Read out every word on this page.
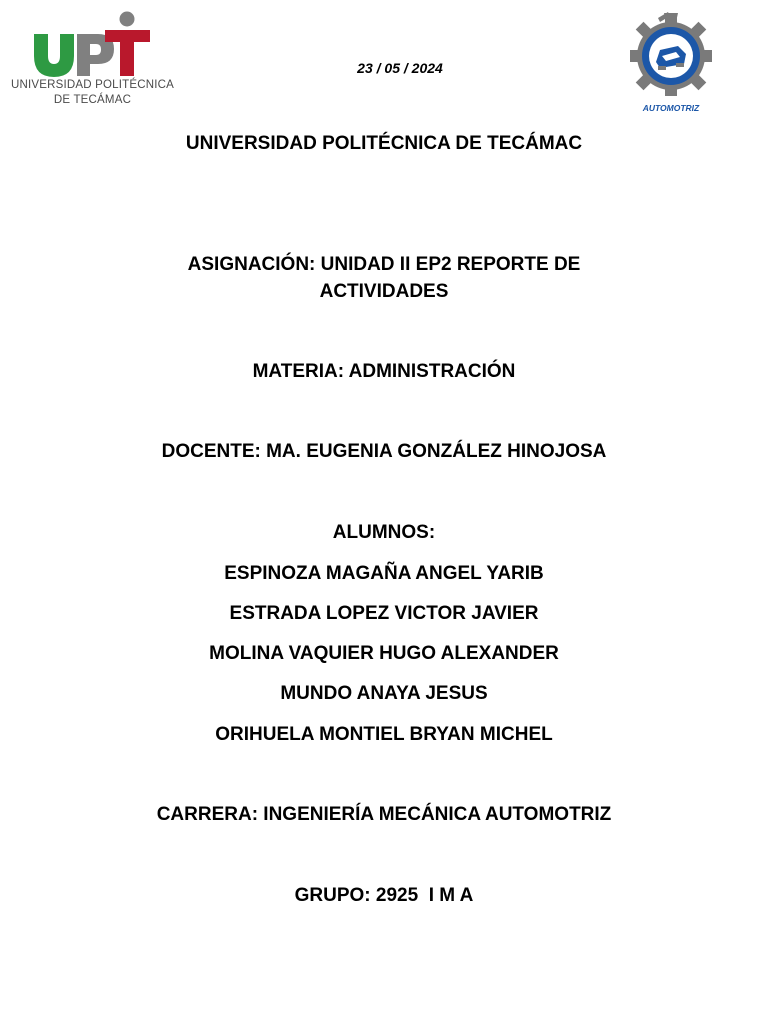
UNIVERSIDAD POLITÉCNICA
DE TECÁMAC
23 / 05 / 2024
AUTOMOTRIZ
UNIVERSIDAD POLITÉCNICA DE TECÁMAC
ASIGNACIÓN: UNIDAD II EP2 REPORTE DE
ACTIVIDADES
MATERIA: ADMINISTRACIÓN
DOCENTE: MA. EUGENIA GONZÁLEZ HINOJOSA
ALUMNOS:
ESPINOZA MAGAÑA ANGEL YARIB
ESTRADA LOPEZ VICTOR JAVIER
MOLINA VAQUIER HUGO ALEXANDER
MUNDO ANAYA JESUS
ORIHUELA MONTIEL BRYAN MICHEL
CARRERA: INGENIERÍA MECÁNICA AUTOMOTRIZ
GRUPO: 2925  I M A
